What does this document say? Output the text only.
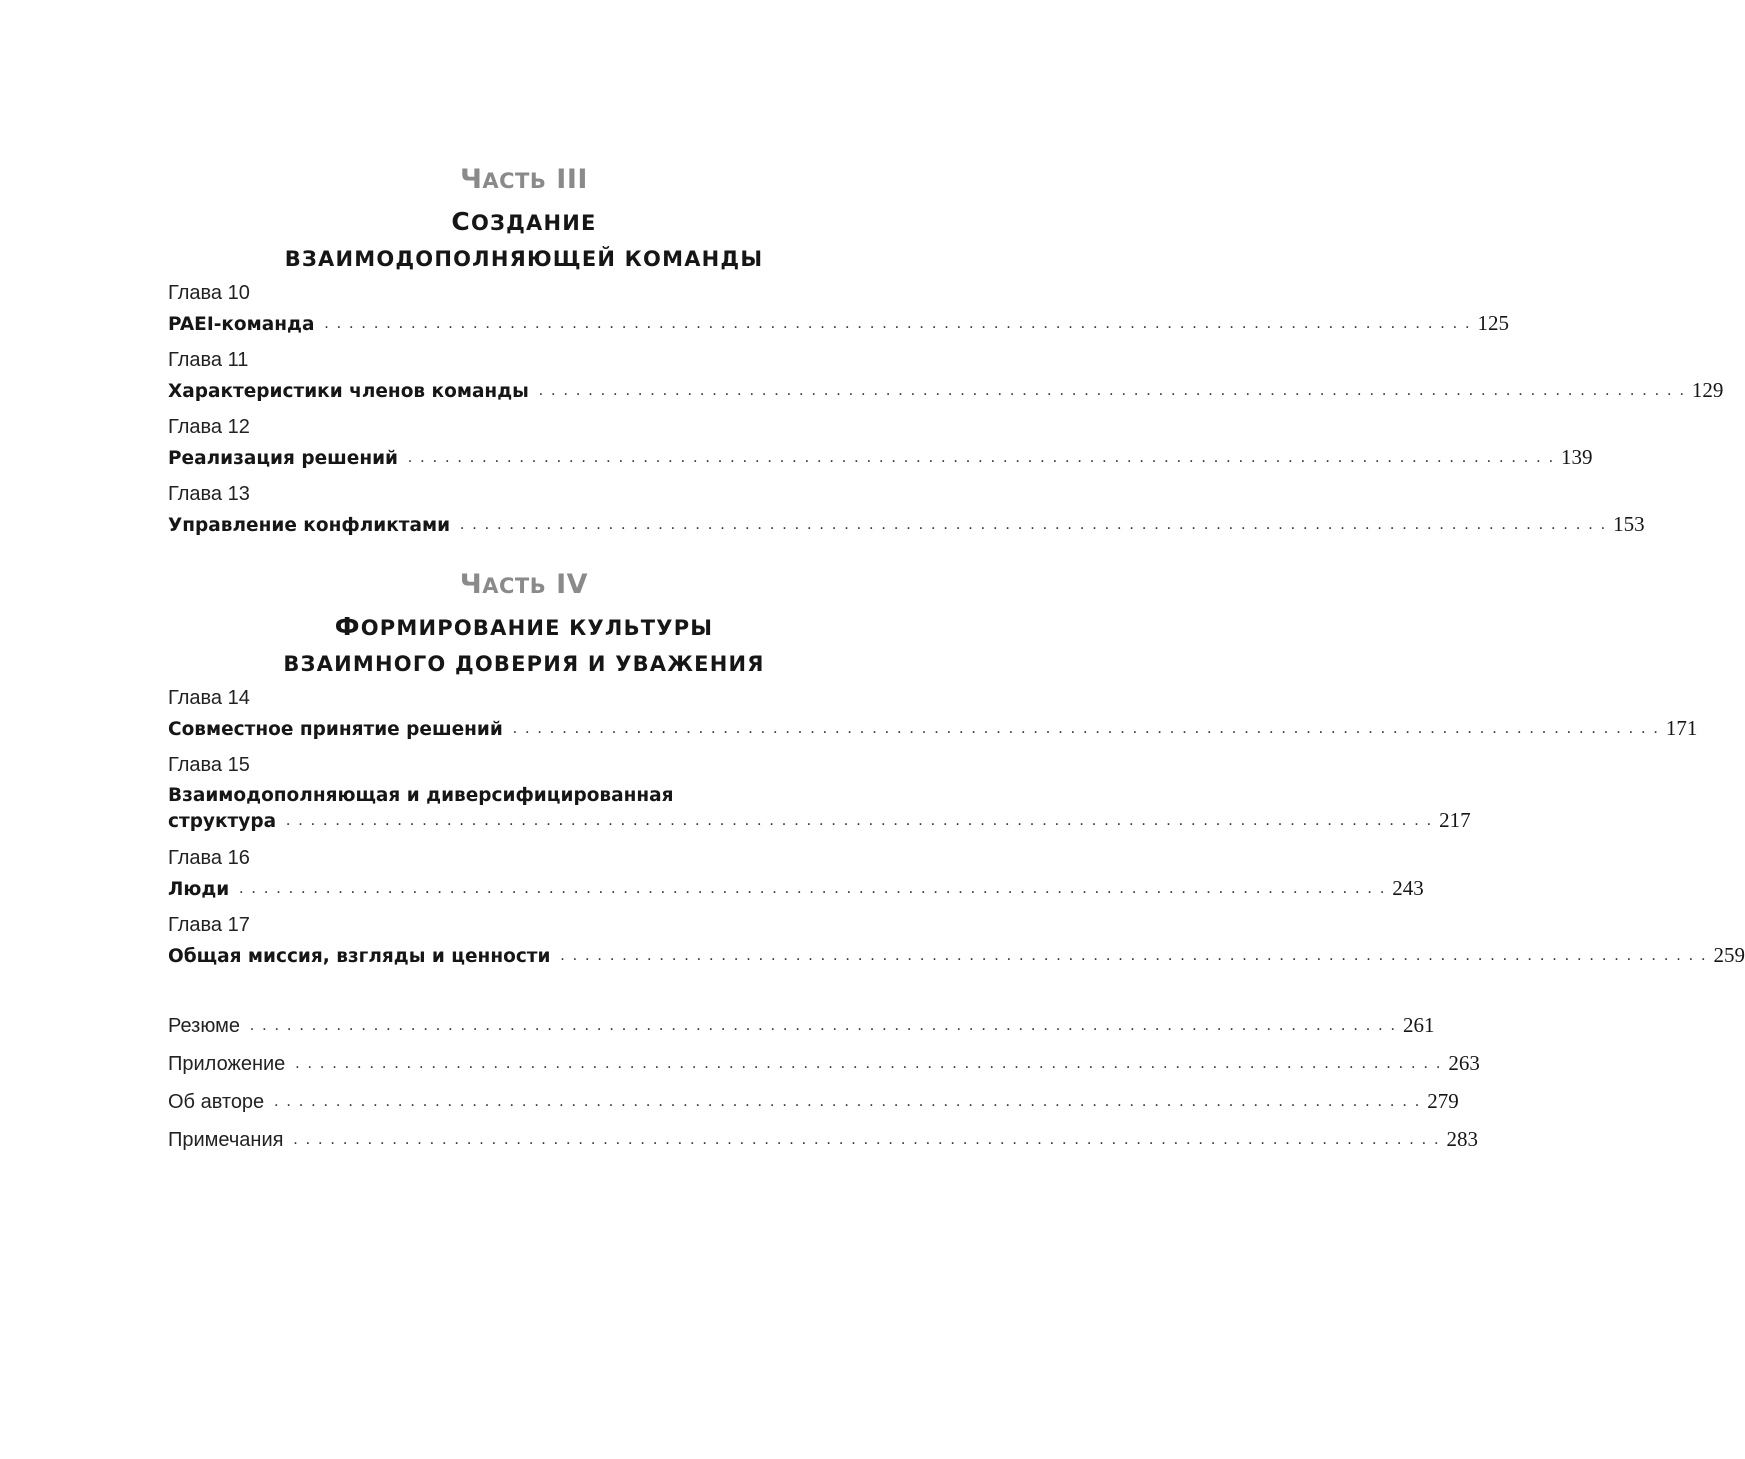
ЧАСТЬ III

СОЗДАНИЕ
ВЗАИМОДОПОЛНЯЮЩЕЙ КОМАНДЫ

Глава 10

PAEI-команда . . . . . . . . . . . . . . . . . . . . . . . . . . . . . . . . . . . . . . . . . . . . . . . . . . . . . . . . . . . . . . . . . . . . . . . . . . . . . . . . . . . . . . . . . . . . . 125

Глава 11

Характеристики членов команды . . . . . . . . . . . . . . . . . . . . . . . . . . . . . . . . . . . . . . . . . . . . . . . . . . . . . . . . . . . . . . . . . . . . . . . . . . . . . . . . . . . . . . . . . . . . . 129

Глава 12

Реализация решений . . . . . . . . . . . . . . . . . . . . . . . . . . . . . . . . . . . . . . . . . . . . . . . . . . . . . . . . . . . . . . . . . . . . . . . . . . . . . . . . . . . . . . . . . . . . . 139

Глава 13

Управление конфликтами . . . . . . . . . . . . . . . . . . . . . . . . . . . . . . . . . . . . . . . . . . . . . . . . . . . . . . . . . . . . . . . . . . . . . . . . . . . . . . . . . . . . . . . . . . . . . 153

ЧАСТЬ IV

ФОРМИРОВАНИЕ КУЛЬТУРЫ
ВЗАИМНОГО ДОВЕРИЯ И УВАЖЕНИЯ

Глава 14

Совместное принятие решений . . . . . . . . . . . . . . . . . . . . . . . . . . . . . . . . . . . . . . . . . . . . . . . . . . . . . . . . . . . . . . . . . . . . . . . . . . . . . . . . . . . . . . . . . . . . . 171

Глава 15

Взаимодополняющая и диверсифицированная
структура . . . . . . . . . . . . . . . . . . . . . . . . . . . . . . . . . . . . . . . . . . . . . . . . . . . . . . . . . . . . . . . . . . . . . . . . . . . . . . . . . . . . . . . . . . . . . 217

Глава 16

Люди . . . . . . . . . . . . . . . . . . . . . . . . . . . . . . . . . . . . . . . . . . . . . . . . . . . . . . . . . . . . . . . . . . . . . . . . . . . . . . . . . . . . . . . . . . . . . 243

Глава 17

Общая миссия, взгляды и ценности . . . . . . . . . . . . . . . . . . . . . . . . . . . . . . . . . . . . . . . . . . . . . . . . . . . . . . . . . . . . . . . . . . . . . . . . . . . . . . . . . . . . . . . . . . . . . 259
Резюме . . . . . . . . . . . . . . . . . . . . . . . . . . . . . . . . . . . . . . . . . . . . . . . . . . . . . . . . . . . . . . . . . . . . . . . . . . . . . . . . . . . . . . . . . . . . . 261
Приложение . . . . . . . . . . . . . . . . . . . . . . . . . . . . . . . . . . . . . . . . . . . . . . . . . . . . . . . . . . . . . . . . . . . . . . . . . . . . . . . . . . . . . . . . . . . . . 263
Об авторе . . . . . . . . . . . . . . . . . . . . . . . . . . . . . . . . . . . . . . . . . . . . . . . . . . . . . . . . . . . . . . . . . . . . . . . . . . . . . . . . . . . . . . . . . . . . . 279
Примечания . . . . . . . . . . . . . . . . . . . . . . . . . . . . . . . . . . . . . . . . . . . . . . . . . . . . . . . . . . . . . . . . . . . . . . . . . . . . . . . . . . . . . . . . . . . . . 283
